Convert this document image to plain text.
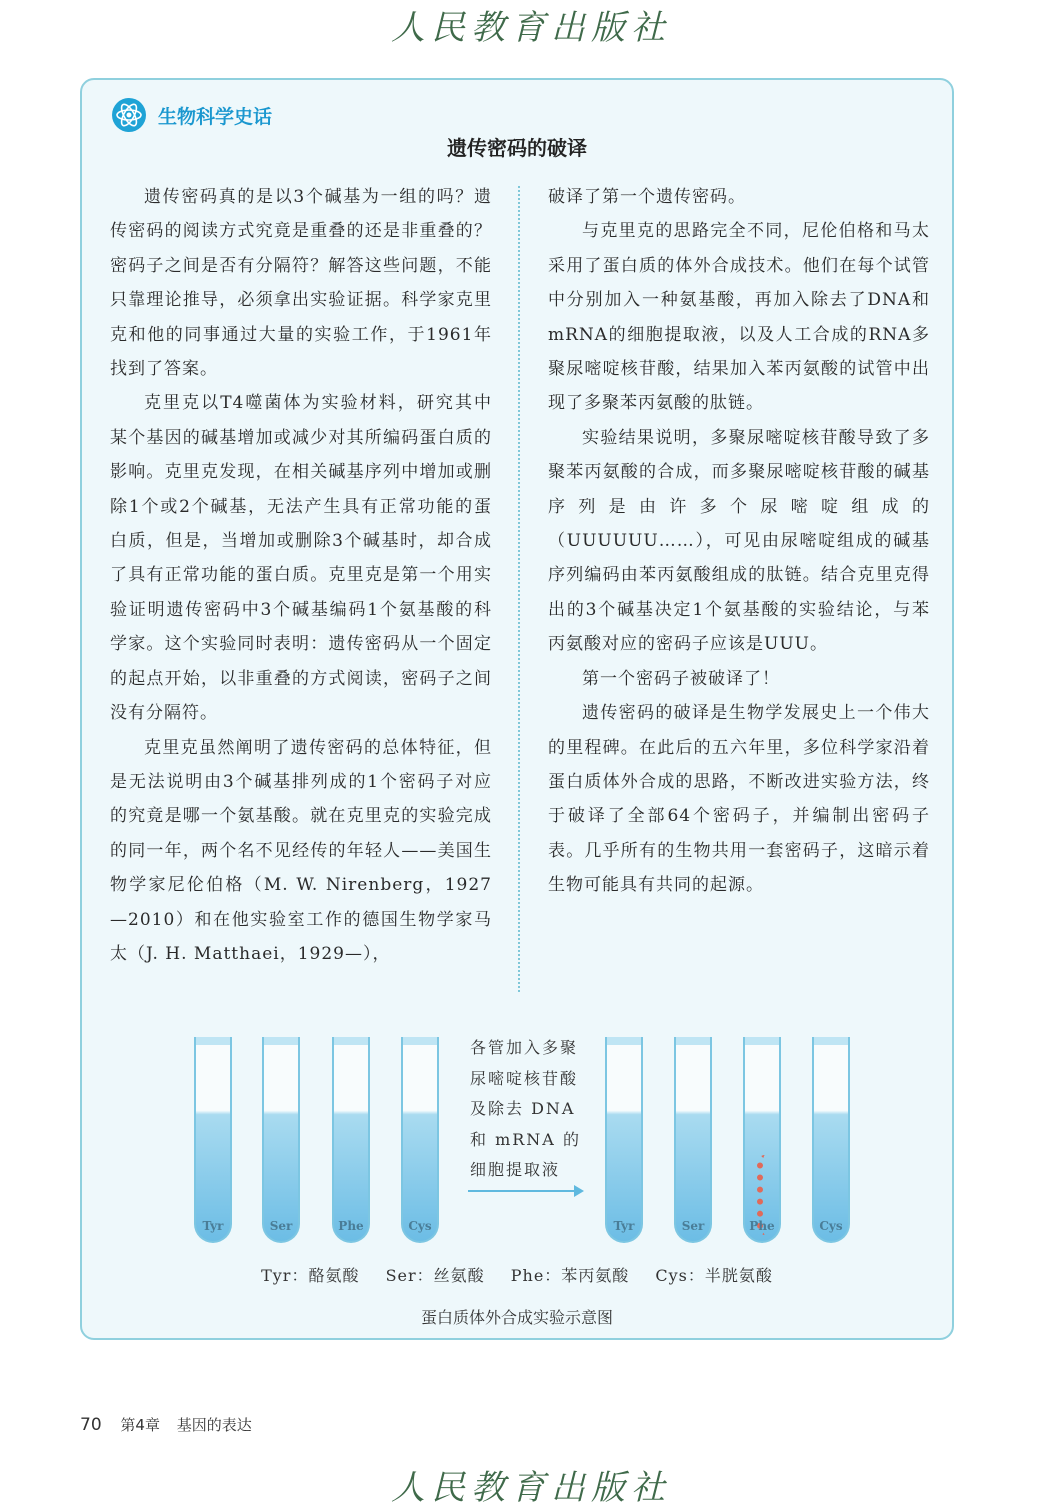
人民教育出版社
生物科学史话
遗传密码的破译

遗传密码真的是以3个碱基为一组的吗？遗传密码的阅读方式究竟是重叠的还是非重叠的？密码子之间是否有分隔符？解答这些问题，不能只靠理论推导，必须拿出实验证据。科学家克里克和他的同事通过大量的实验工作，于1961年找到了答案。

克里克以T4噬菌体为实验材料，研究其中某个基因的碱基增加或减少对其所编码蛋白质的影响。克里克发现，在相关碱基序列中增加或删除1个或2个碱基，无法产生具有正常功能的蛋白质，但是，当增加或删除3个碱基时，却合成了具有正常功能的蛋白质。克里克是第一个用实验证明遗传密码中3个碱基编码1个氨基酸的科学家。这个实验同时表明：遗传密码从一个固定的起点开始，以非重叠的方式阅读，密码子之间没有分隔符。

克里克虽然阐明了遗传密码的总体特征，但是无法说明由3个碱基排列成的1个密码子对应的究竟是哪一个氨基酸。就在克里克的实验完成的同一年，两个名不见经传的年轻人——美国生物学家尼伦伯格（M. W. Nirenberg，1927—2010）和在他实验室工作的德国生物学家马太（J. H. Matthaei，1929—），

破译了第一个遗传密码。

与克里克的思路完全不同，尼伦伯格和马太采用了蛋白质的体外合成技术。他们在每个试管中分别加入一种氨基酸，再加入除去了DNA和mRNA的细胞提取液，以及人工合成的RNA多聚尿嘧啶核苷酸，结果加入苯丙氨酸的试管中出现了多聚苯丙氨酸的肽链。

实验结果说明，多聚尿嘧啶核苷酸导致了多聚苯丙氨酸的合成，而多聚尿嘧啶核苷酸的碱基序列是由许多个尿嘧啶组成的（UUUUUU……），可见由尿嘧啶组成的碱基序列编码由苯丙氨酸组成的肽链。结合克里克得出的3个碱基决定1个氨基酸的实验结论，与苯丙氨酸对应的密码子应该是UUU。

第一个密码子被破译了！

遗传密码的破译是生物学发展史上一个伟大的里程碑。在此后的五六年里，多位科学家沿着蛋白质体外合成的思路，不断改进实验方法，终于破译了全部64个密码子，并编制出密码子表。几乎所有的生物共用一套密码子，这暗示着生物可能具有共同的起源。

Tyr	Ser	Phe	Cys
各管加入多聚
尿嘧啶核苷酸
及除去 DNA
和 mRNA 的
细胞提取液
Tyr	Ser	Phe	Cys
Tyr：酪氨酸 Ser：丝氨酸 Phe：苯丙氨酸 Cys：半胱氨酸
蛋白质体外合成实验示意图
70 第4章 基因的表达
人民教育出版社
